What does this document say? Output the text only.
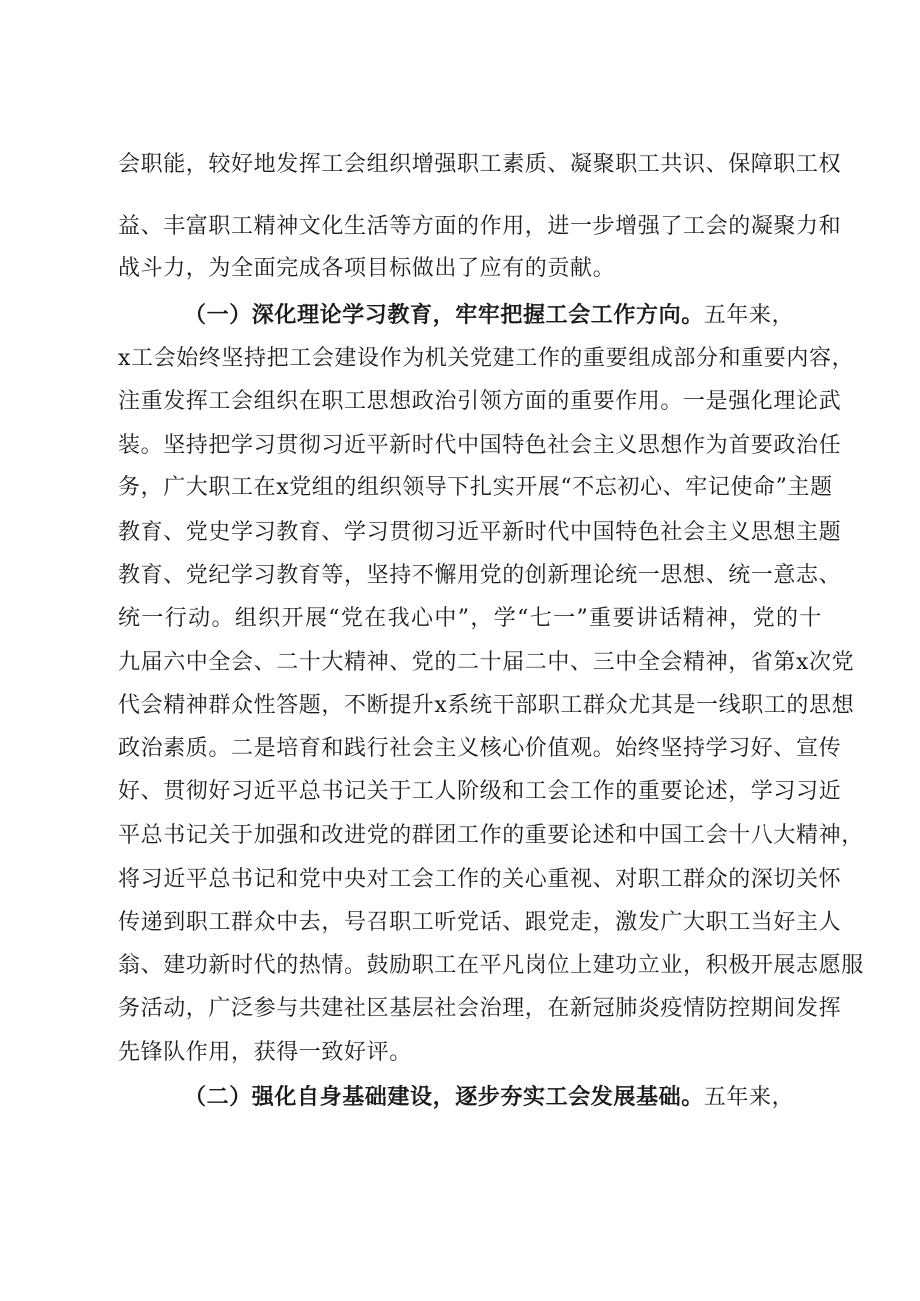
会职能，较好地发挥工会组织增强职工素质、凝聚职工共识、保障职工权
益、丰富职工精神文化生活等方面的作用，进一步增强了工会的凝聚力和
战斗力，为全面完成各项目标做出了应有的贡献。
（一）深化理论学习教育，牢牢把握工会工作方向。五年来，
x工会始终坚持把工会建设作为机关党建工作的重要组成部分和重要内容，
注重发挥工会组织在职工思想政治引领方面的重要作用。一是强化理论武
装。坚持把学习贯彻习近平新时代中国特色社会主义思想作为首要政治任
务，广大职工在x党组的组织领导下扎实开展“不忘初心、牢记使命”主题
教育、党史学习教育、学习贯彻习近平新时代中国特色社会主义思想主题
教育、党纪学习教育等，坚持不懈用党的创新理论统一思想、统一意志、
统一行动。组织开展“党在我心中”，学“七一”重要讲话精神，党的十
九届六中全会、二十大精神、党的二十届二中、三中全会精神，省第x次党
代会精神群众性答题，不断提升x系统干部职工群众尤其是一线职工的思想
政治素质。二是培育和践行社会主义核心价值观。始终坚持学习好、宣传
好、贯彻好习近平总书记关于工人阶级和工会工作的重要论述，学习习近
平总书记关于加强和改进党的群团工作的重要论述和中国工会十八大精神，
将习近平总书记和党中央对工会工作的关心重视、对职工群众的深切关怀
传递到职工群众中去，号召职工听党话、跟党走，激发广大职工当好主人
翁、建功新时代的热情。鼓励职工在平凡岗位上建功立业，积极开展志愿服
务活动，广泛参与共建社区基层社会治理，在新冠肺炎疫情防控期间发挥
先锋队作用，获得一致好评。
（二）强化自身基础建设，逐步夯实工会发展基础。五年来，
